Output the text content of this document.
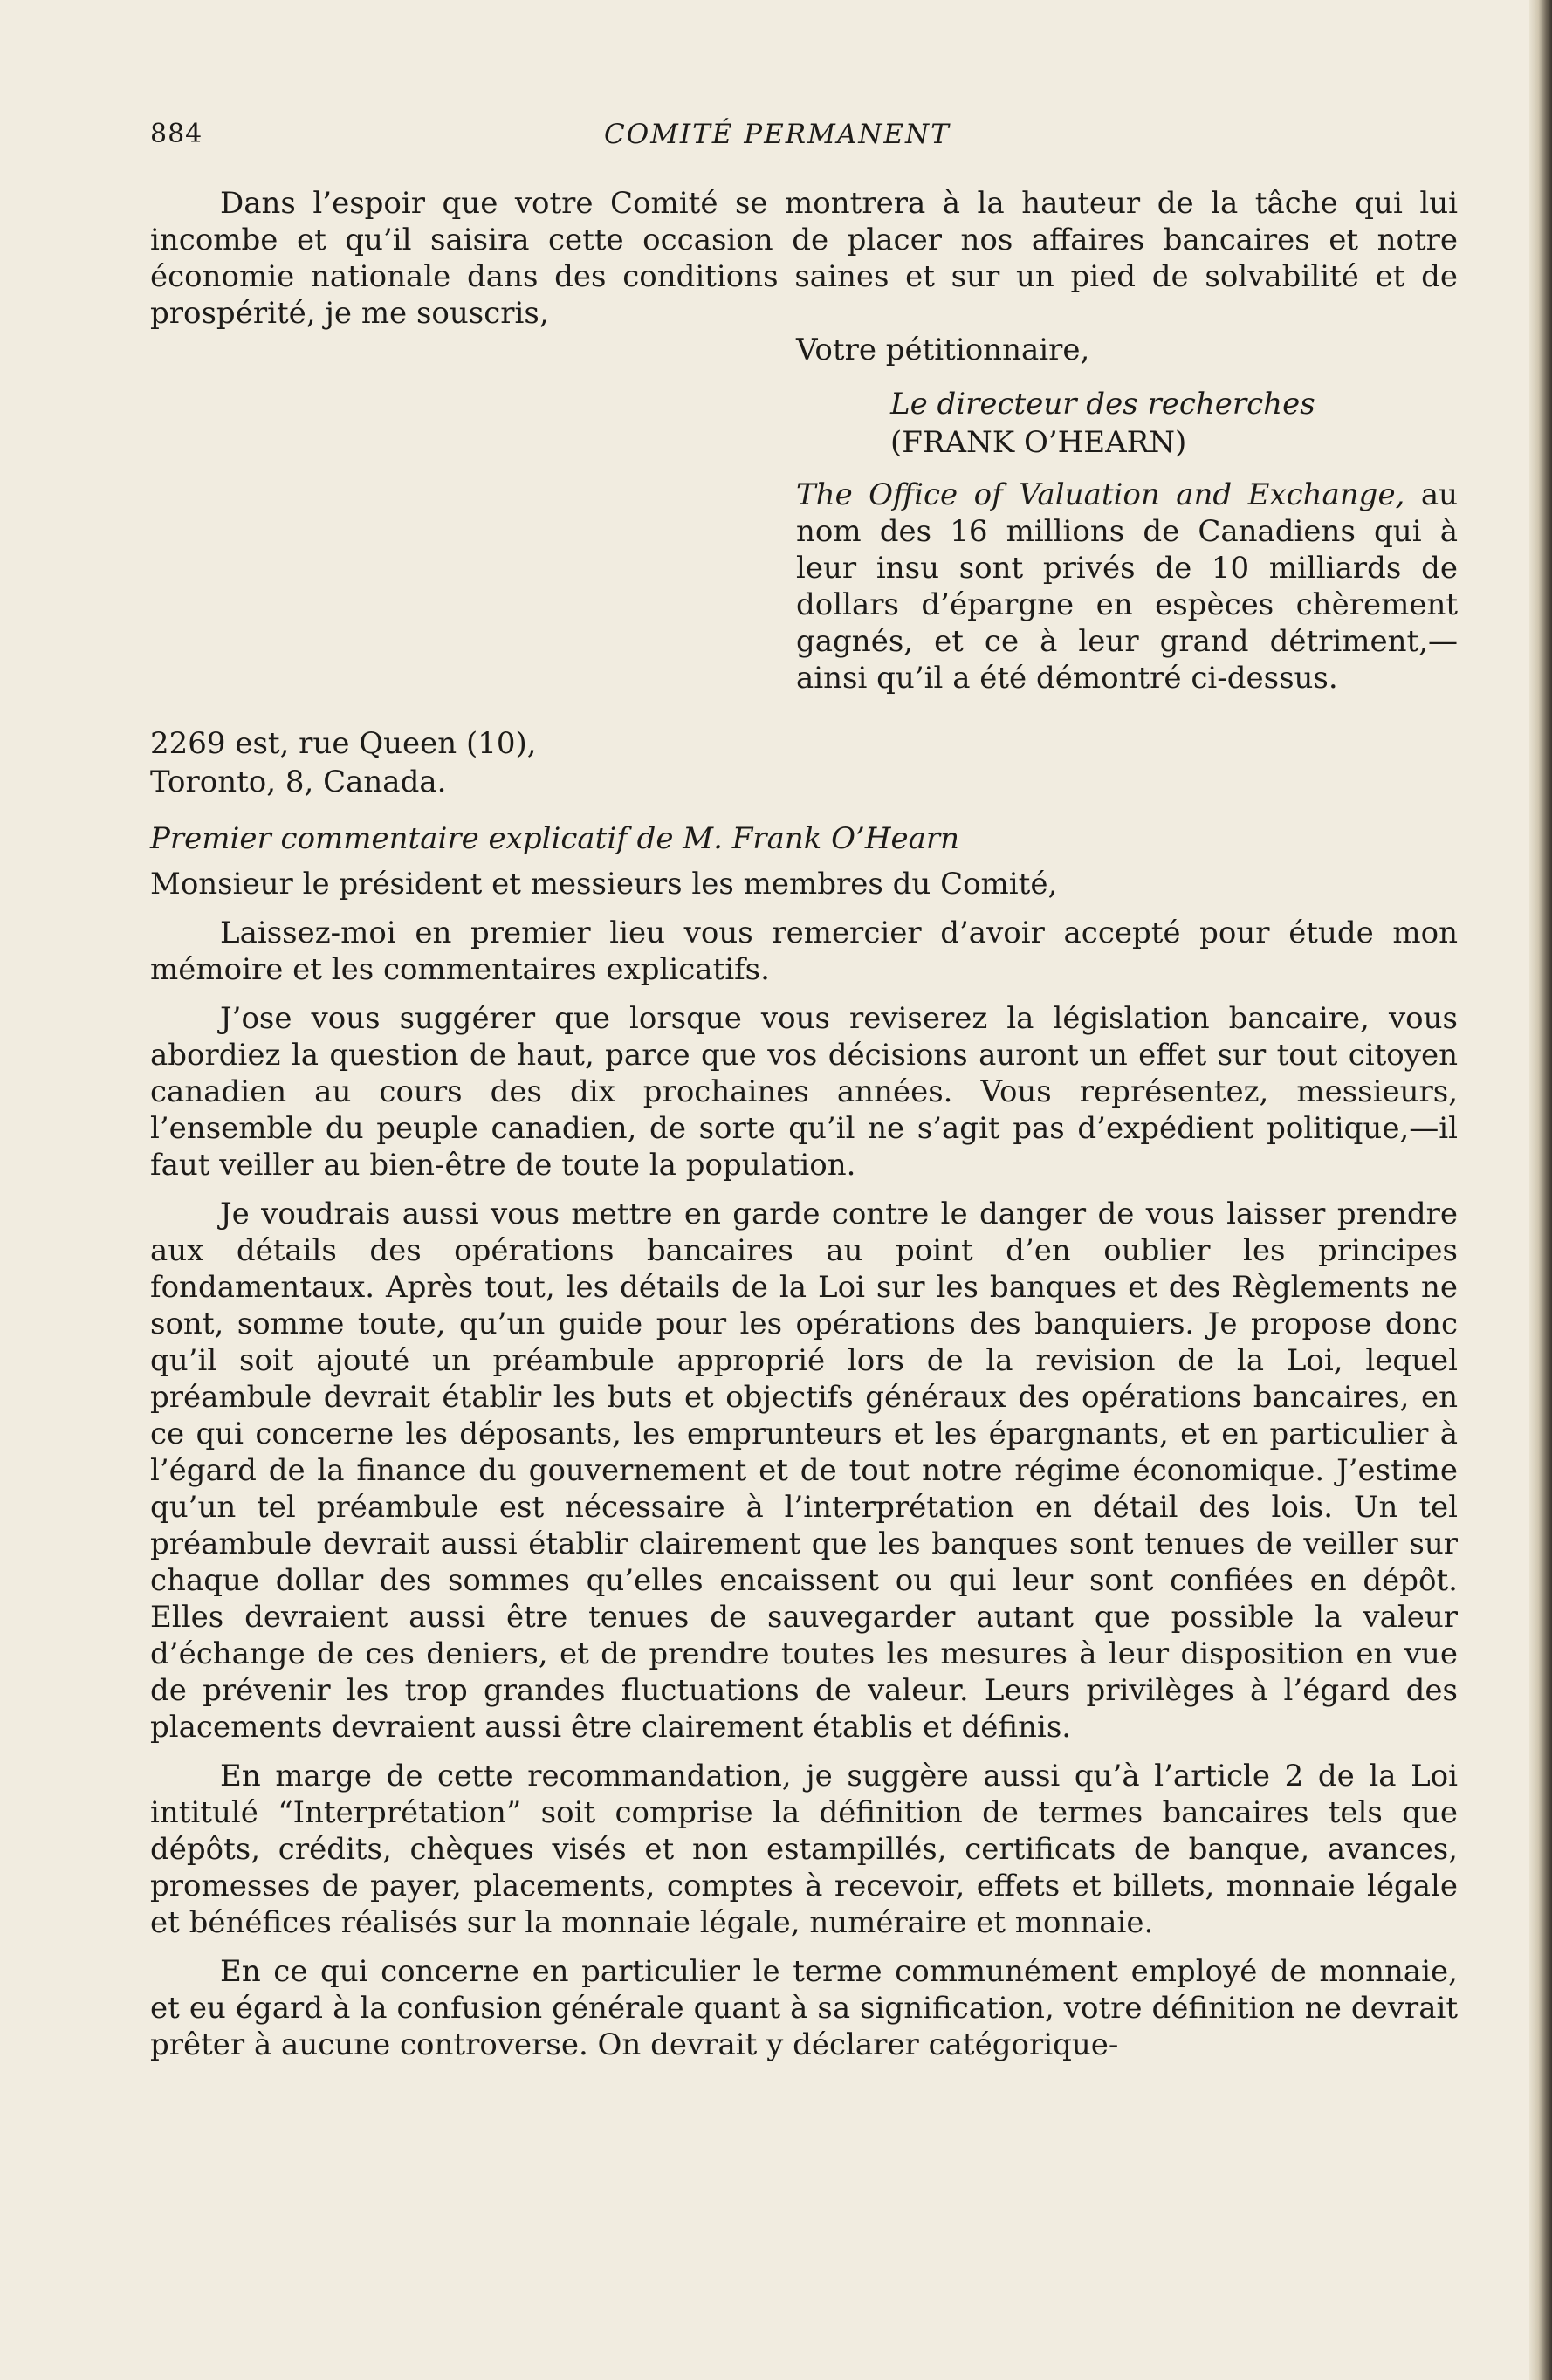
884	COMITÉ PERMANENT

Dans l’espoir que votre Comité se montrera à la hauteur de la tâche qui lui incombe et qu’il saisira cette occasion de placer nos affaires bancaires et notre économie nationale dans des conditions saines et sur un pied de solvabilité et de prospérité, je me souscris,

Votre pétitionnaire,

Le directeur des recherches

(FRANK O’HEARN)

The Office of Valuation and Exchange, au nom des 16 millions de Canadiens qui à leur insu sont privés de 10 milliards de dollars d’épargne en espèces chèrement gagnés, et ce à leur grand détriment,—ainsi qu’il a été démontré ci-dessus.

2269 est, rue Queen (10),
Toronto, 8, Canada.

Premier commentaire explicatif de M. Frank O’Hearn

Monsieur le président et messieurs les membres du Comité,

Laissez-moi en premier lieu vous remercier d’avoir accepté pour étude mon mémoire et les commentaires explicatifs.

J’ose vous suggérer que lorsque vous reviserez la législation bancaire, vous abordiez la question de haut, parce que vos décisions auront un effet sur tout citoyen canadien au cours des dix prochaines années. Vous représentez, messieurs, l’ensemble du peuple canadien, de sorte qu’il ne s’agit pas d’expédient politique,—il faut veiller au bien-être de toute la population.

Je voudrais aussi vous mettre en garde contre le danger de vous laisser prendre aux détails des opérations bancaires au point d’en oublier les principes fondamentaux. Après tout, les détails de la Loi sur les banques et des Règlements ne sont, somme toute, qu’un guide pour les opérations des banquiers. Je propose donc qu’il soit ajouté un préambule approprié lors de la revision de la Loi, lequel préambule devrait établir les buts et objectifs généraux des opérations bancaires, en ce qui concerne les déposants, les emprunteurs et les épargnants, et en particulier à l’égard de la finance du gouvernement et de tout notre régime économique. J’estime qu’un tel préambule est nécessaire à l’interprétation en détail des lois. Un tel préambule devrait aussi établir clairement que les banques sont tenues de veiller sur chaque dollar des sommes qu’elles encaissent ou qui leur sont confiées en dépôt. Elles devraient aussi être tenues de sauvegarder autant que possible la valeur d’échange de ces deniers, et de prendre toutes les mesures à leur disposition en vue de prévenir les trop grandes fluctuations de valeur. Leurs privilèges à l’égard des placements devraient aussi être clairement établis et définis.

En marge de cette recommandation, je suggère aussi qu’à l’article 2 de la Loi intitulé “Interprétation” soit comprise la définition de termes bancaires tels que dépôts, crédits, chèques visés et non estampillés, certificats de banque, avances, promesses de payer, placements, comptes à recevoir, effets et billets, monnaie légale et bénéfices réalisés sur la monnaie légale, numéraire et monnaie.

En ce qui concerne en particulier le terme communément employé de monnaie, et eu égard à la confusion générale quant à sa signification, votre définition ne devrait prêter à aucune controverse. On devrait y déclarer catégorique-
